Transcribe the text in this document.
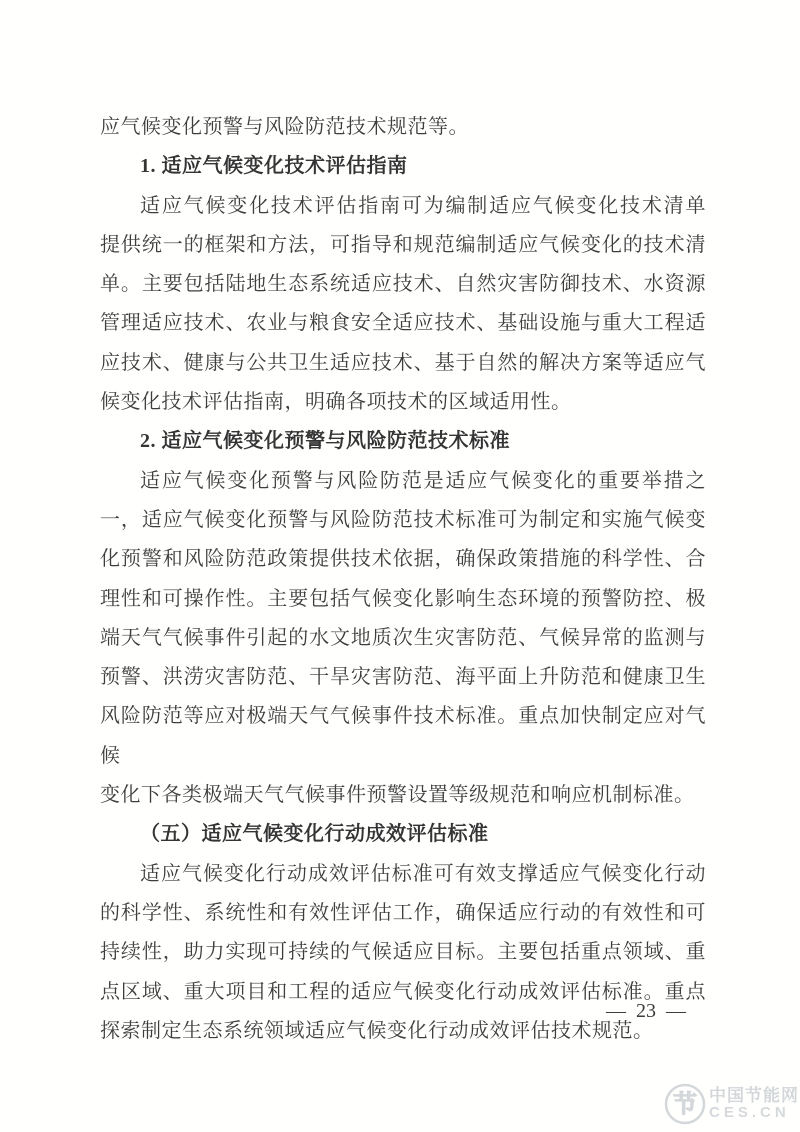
应气候变化预警与风险防范技术规范等。
1. 适应气候变化技术评估指南
适应气候变化技术评估指南可为编制适应气候变化技术清单
提供统一的框架和方法，可指导和规范编制适应气候变化的技术清
单。主要包括陆地生态系统适应技术、自然灾害防御技术、水资源
管理适应技术、农业与粮食安全适应技术、基础设施与重大工程适
应技术、健康与公共卫生适应技术、基于自然的解决方案等适应气
候变化技术评估指南，明确各项技术的区域适用性。
2. 适应气候变化预警与风险防范技术标准
适应气候变化预警与风险防范是适应气候变化的重要举措之
一，适应气候变化预警与风险防范技术标准可为制定和实施气候变
化预警和风险防范政策提供技术依据，确保政策措施的科学性、合
理性和可操作性。主要包括气候变化影响生态环境的预警防控、极
端天气气候事件引起的水文地质次生灾害防范、气候异常的监测与
预警、洪涝灾害防范、干旱灾害防范、海平面上升防范和健康卫生
风险防范等应对极端天气气候事件技术标准。重点加快制定应对气候
变化下各类极端天气气候事件预警设置等级规范和响应机制标准。
（五）适应气候变化行动成效评估标准
适应气候变化行动成效评估标准可有效支撑适应气候变化行动
的科学性、系统性和有效性评估工作，确保适应行动的有效性和可
持续性，助力实现可持续的气候适应目标。主要包括重点领域、重
点区域、重大项目和工程的适应气候变化行动成效评估标准。重点
探索制定生态系统领域适应气候变化行动成效评估技术规范。
— 23 —
节 中国节能网
CES.CN
